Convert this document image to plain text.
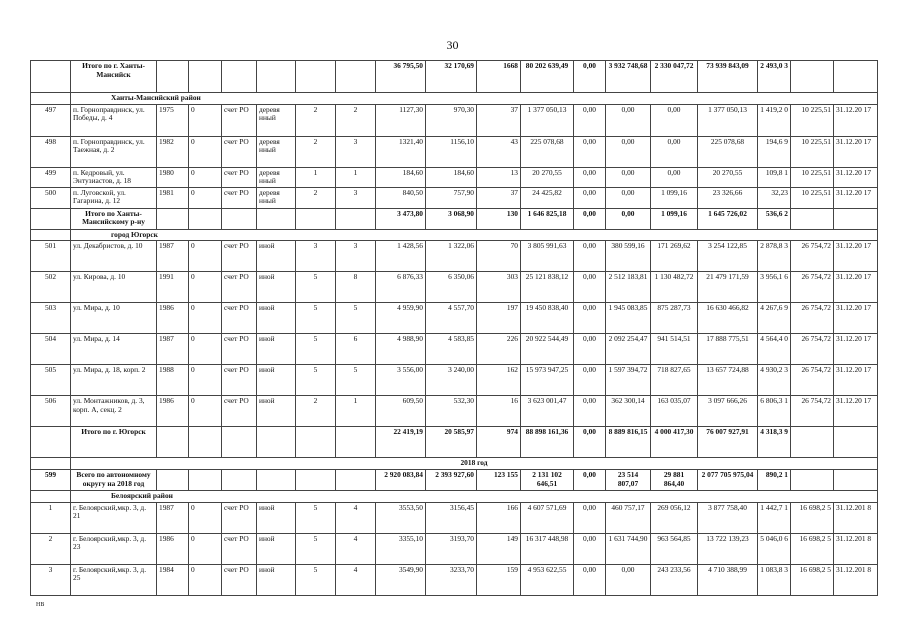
30
	Итого по г. Ханты-Мансийск							36 795,50	32 170,69	1668	80 202 639,49	0,00	3 932 748,68	2 330 047,72	73 939 843,09	2 493,0 3		
	Ханты-Мансийский район																	
497	п. Горноправдинск, ул. Победы, д. 4	1975	0	счет РО	деревя нный	2	2	1127,30	970,30	37	1 377 050,13	0,00	0,00	0,00	1 377 050,13	1 419,2 0	10 225,51	31.12.20 17
498	п. Горноправдинск, ул. Таежная, д. 2	1982	0	счет РО	деревя нный	2	3	1321,40	1156,10	43	225 078,68	0,00	0,00	0,00	225 078,68	194,6 9	10 225,51	31.12.20 17
499	п. Кедровый, ул. Энтузиастов, д. 18	1980	0	счет РО	деревя нный	1	1	184,60	184,60	13	20 270,55	0,00	0,00	0,00	20 270,55	109,8 1	10 225,51	31.12.20 17
500	п. Луговской, ул. Гагарина, д. 12	1981	0	счет РО	деревя нный	2	3	840,50	757,90	37	24 425,82	0,00	0,00	1 099,16	23 326,66	32,23	10 225,51	31.12.20 17
	Итого по Ханты-Мансийскому р-ну							3 473,80	3 068,90	130	1 646 825,18	0,00	0,00	1 099,16	1 645 726,02	536,6 2		
	город Югорск																	
501	ул. Декабристов, д. 10	1987	0	счет РО	иной	3	3	1 428,56	1 322,06	70	3 805 991,63	0,00	380 599,16	171 269,62	3 254 122,85	2 878,8 3	26 754,72	31.12.20 17
502	ул. Кирова, д. 10	1991	0	счет РО	иной	5	8	6 876,33	6 350,06	303	25 121 838,12	0,00	2 512 183,81	1 130 482,72	21 479 171,59	3 956,1 6	26 754,72	31.12.20 17
503	ул. Мира, д. 10	1986	0	счет РО	иной	5	5	4 959,90	4 557,70	197	19 450 838,40	0,00	1 945 083,85	875 287,73	16 630 466,82	4 267,6 9	26 754,72	31.12.20 17
504	ул. Мира, д. 14	1987	0	счет РО	иной	5	6	4 988,90	4 583,85	226	20 922 544,49	0,00	2 092 254,47	941 514,51	17 888 775,51	4 564,4 0	26 754,72	31.12.20 17
505	ул. Мира, д. 18, корп. 2	1988	0	счет РО	иной	5	5	3 556,00	3 240,00	162	15 973 947,25	0,00	1 597 394,72	718 827,65	13 657 724,88	4 930,2 3	26 754,72	31.12.20 17
506	ул. Монтажников, д. 3, корп. А, секц. 2	1986	0	счет РО	иной	2	1	609,50	532,30	16	3 623 001,47	0,00	362 300,14	163 035,07	3 097 666,26	6 806,3 1	26 754,72	31.12.20 17
	Итого по г. Югорск							22 419,19	20 585,97	974	88 898 161,36	0,00	8 889 816,15	4 000 417,30	76 007 927,91	4 318,3 9		
	2018 год																	
599	Всего по автономному округу на 2018 год							2 920 083,84	2 393 927,60	123 155	2 131 102 646,51	0,00	23 514 807,07	29 881 864,40	2 077 705 975,04	890,2 1		
	Белоярский район																	
1	г. Белоярский,мкр. 3, д. 21	1987	0	счет РО	иной	5	4	3553,50	3156,45	166	4 607 571,69	0,00	460 757,17	269 056,12	3 877 758,40	1 442,7 1	16 698,2 5	31.12.201 8
2	г. Белоярский,мкр. 3, д. 23	1986	0	счет РО	иной	5	4	3355,10	3193,70	149	16 317 448,98	0,00	1 631 744,90	963 564,85	13 722 139,23	5 046,0 6	16 698,2 5	31.12.201 8
3	г. Белоярский,мкр. 3, д. 25	1984	0	счет РО	иной	5	4	3549,90	3233,70	159	4 953 622,55	0,00	0,00	243 233,56	4 710 388,99	1 083,8 3	16 698,2 5	31.12.201 8
НВ
